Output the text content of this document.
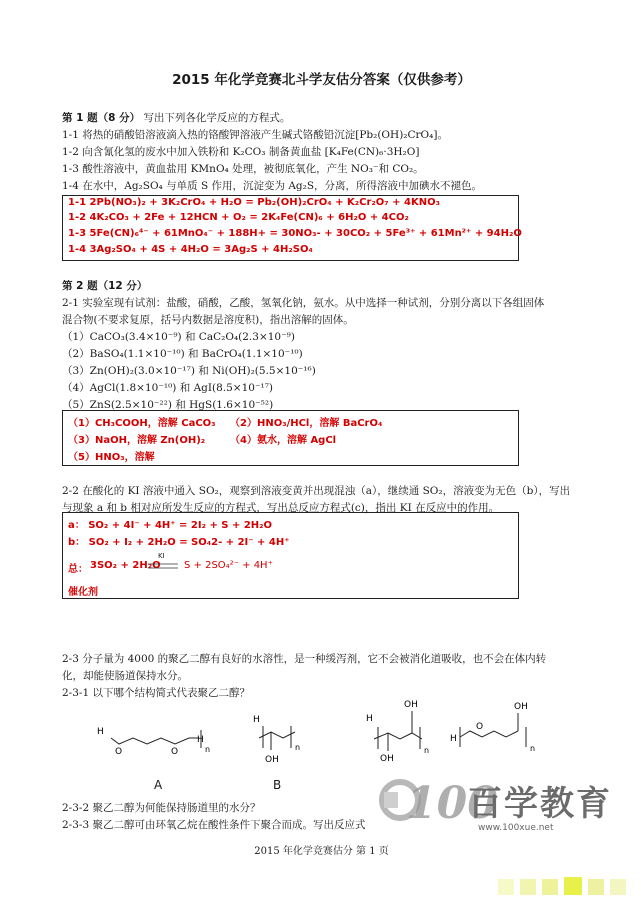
2015 年化学竞赛北斗学友估分答案（仅供参考）
第 1 题（8 分） 写出下列各化学反应的方程式。
1-1 将热的硝酸铅溶液滴入热的铬酸钾溶液产生碱式铬酸铅沉淀[Pb₂(OH)₂CrO₄]。
1-2 向含氰化氢的废水中加入铁粉和 K₂CO₃ 制备黄血盐 [K₄Fe(CN)₆·3H₂O]
1-3 酸性溶液中，黄血盐用 KMnO₄ 处理，被彻底氧化，产生 NO₃⁻和 CO₂。
1-4 在水中，Ag₂SO₄ 与单质 S 作用，沉淀变为 Ag₂S，分离，所得溶液中加碘水不褪色。
1-1 2Pb(NO₃)₂ + 3K₂CrO₄ + H₂O = Pb₂(OH)₂CrO₄ + K₂Cr₂O₇ + 4KNO₃
1-2 4K₂CO₃ + 2Fe + 12HCN + O₂ = 2K₄Fe(CN)₆ + 6H₂O + 4CO₂
1-3 5Fe(CN)₆⁴⁻ + 61MnO₄⁻ + 188H+ = 30NO₃- + 30CO₂ + 5Fe³⁺ + 61Mn²⁺ + 94H₂O
1-4 3Ag₂SO₄ + 4S + 4H₂O = 3Ag₂S + 4H₂SO₄
第 2 题（12 分）
2-1 实验室现有试剂：盐酸，硝酸，乙酸，氢氧化钠，氨水。从中选择一种试剂，分别分离以下各组固体
混合物(不要求复原，括号内数据是溶度积)，指出溶解的固体。
（1）CaCO₃(3.4×10⁻⁹) 和 CaC₂O₄(2.3×10⁻⁹)
（2）BaSO₄(1.1×10⁻¹⁰) 和 BaCrO₄(1.1×10⁻¹⁰)
（3）Zn(OH)₂(3.0×10⁻¹⁷) 和 Ni(OH)₂(5.5×10⁻¹⁶)
（4）AgCl(1.8×10⁻¹⁰) 和 AgI(8.5×10⁻¹⁷)
（5）ZnS(2.5×10⁻²²) 和 HgS(1.6×10⁻⁵²)
（1）CH₃COOH，溶解 CaCO₃
（3）NaOH，溶解 Zn(OH)₂
（5）HNO₃，溶解
（2）HNO₃/HCl，溶解 BaCrO₄
（4）氨水，溶解 AgCl
2-2 在酸化的 KI 溶液中通入 SO₂，观察到溶液变黄并出现混浊（a），继续通 SO₂，溶液变为无色（b），写出
与现象 a 和 b 相对应所发生反应的方程式，写出总反应方程式(c)，指出 KI 在反应中的作用。
a： SO₂ + 4I⁻ + 4H⁺ = 2I₂ + S + 2H₂O
b： SO₂ + I₂ + 2H₂O = SO₄2- + 2I⁻ + 4H⁺
总： 3SO₂ + 2H₂O
KI
S + 2SO₄²⁻ + 4H⁺
催化剂
2-3 分子量为 4000 的聚乙二醇有良好的水溶性，是一种缓泻剂，它不会被消化道吸收，也不会在体内转
化，却能使肠道保持水分。
2-3-1 以下哪个结构简式代表聚乙二醇？
H
O	O
H
n
A
H
OH
n
B
OH
H
OH
n
H
O
OH
n
2-3-2 聚乙二醇为何能保持肠道里的水分？
2-3-3 聚乙二醇可由环氧乙烷在酸性条件下聚合而成。写出反应式 100
百学教育
www.100xue.net
2015 年化学竞赛估分 第 1 页
